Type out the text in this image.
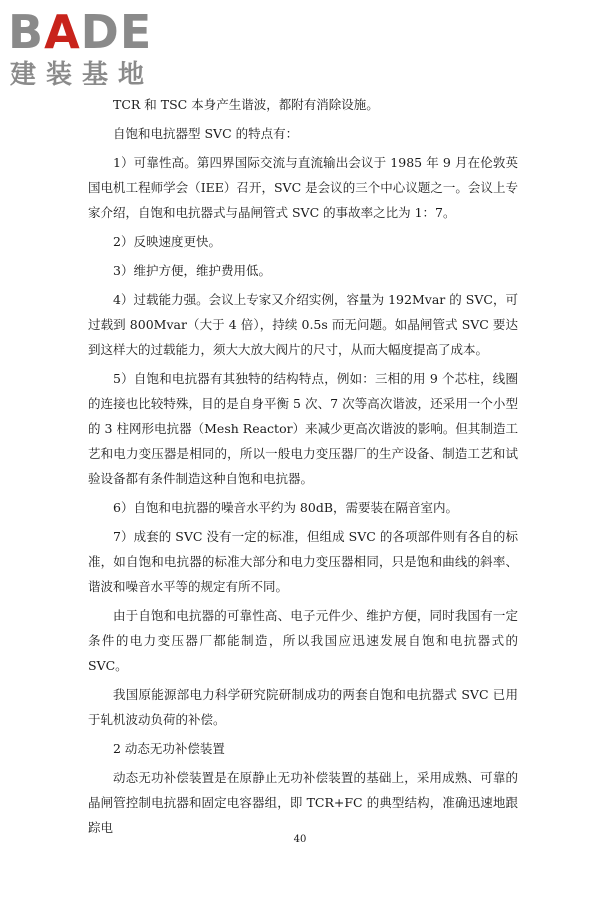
BADE
建装基地

TCR 和 TSC 本身产生谐波，都附有消除设施。

自饱和电抗器型 SVC 的特点有：

1）可靠性高。第四界国际交流与直流输出会议于 1985 年 9 月在伦敦英国电机工程师学会（IEE）召开，SVC 是会议的三个中心议题之一。会议上专家介绍，自饱和电抗器式与晶闸管式 SVC 的事故率之比为 1：7。

2）反映速度更快。

3）维护方便，维护费用低。

4）过载能力强。会议上专家又介绍实例，容量为 192Mvar 的 SVC，可过载到 800Mvar（大于 4 倍），持续 0.5s 而无问题。如晶闸管式 SVC 要达到这样大的过载能力，须大大放大阀片的尺寸，从而大幅度提高了成本。

5）自饱和电抗器有其独特的结构特点，例如：三相的用 9 个芯柱，线圈的连接也比较特殊，目的是自身平衡 5 次、7 次等高次谐波，还采用一个小型的 3 柱网形电抗器（Mesh Reactor）来减少更高次谐波的影响。但其制造工艺和电力变压器是相同的，所以一般电力变压器厂的生产设备、制造工艺和试验设备都有条件制造这种自饱和电抗器。

6）自饱和电抗器的噪音水平约为 80dB，需要装在隔音室内。

7）成套的 SVC 没有一定的标准，但组成 SVC 的各项部件则有各自的标准，如自饱和电抗器的标准大部分和电力变压器相同，只是饱和曲线的斜率、谐波和噪音水平等的规定有所不同。

由于自饱和电抗器的可靠性高、电子元件少、维护方便，同时我国有一定条件的电力变压器厂都能制造，所以我国应迅速发展自饱和电抗器式的 SVC。

我国原能源部电力科学研究院研制成功的两套自饱和电抗器式 SVC 已用于轧机波动负荷的补偿。

2 动态无功补偿装置

动态无功补偿装置是在原静止无功补偿装置的基础上，采用成熟、可靠的晶闸管控制电抗器和固定电容器组，即 TCR+FC 的典型结构，准确迅速地跟踪电

40
